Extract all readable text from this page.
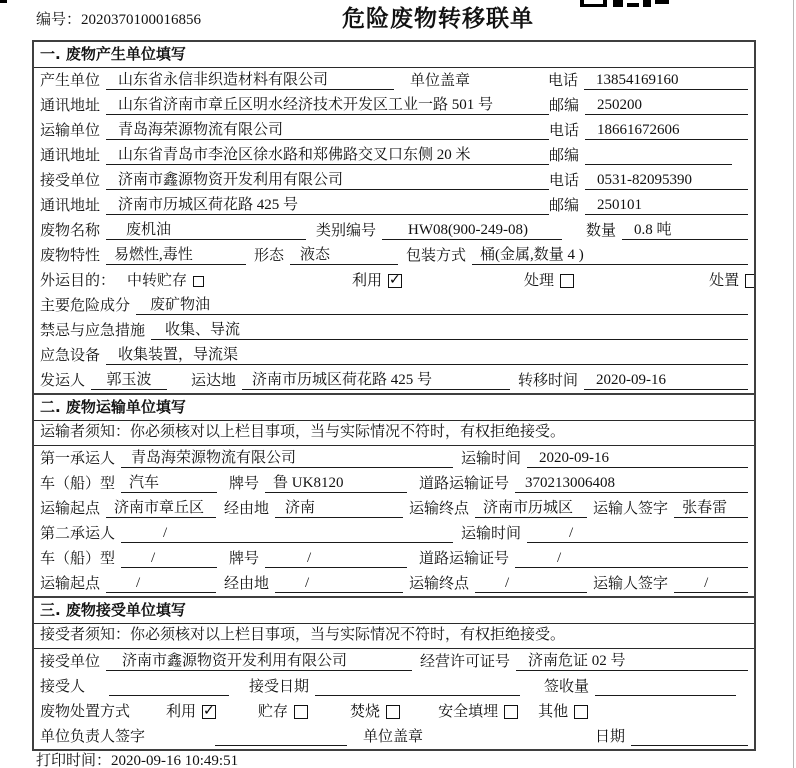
编号：2020370100016856	危险废物转移联单
一. 废物产生单位填写
产生单位	山东省永信非织造材料有限公司	单位盖章	电话	13854169160
通讯地址	山东省济南市章丘区明水经济技术开发区工业一路 501 号	邮编	250200
运输单位	青岛海荣源物流有限公司	电话	18661672606
通讯地址	山东省青岛市李沧区徐水路和郑佛路交叉口东侧 20 米	邮编
接受单位	济南市鑫源物资开发利用有限公司	电话	0531-82095390
通讯地址	济南市历城区荷花路 425 号	邮编	250101
废物名称	废机油	类别编号	HW08(900-249-08)	数量	0.8 吨
废物特性 易燃性,毒性	形态	液态	包装方式 桶(金属,数量 4 )
外运目的： 中转贮存	利用 ✓	处理	处置
主要危险成分	废矿物油
禁忌与应急措施	收集、导流
应急设备	收集装置，导流渠
发运人	郭玉波	运达地	济南市历城区荷花路 425 号	转移时间	2020-09-16
二. 废物运输单位填写
运输者须知：你必须核对以上栏目事项，当与实际情况不符时，有权拒绝接受。
第一承运人	青岛海荣源物流有限公司	运输时间	2020-09-16
车（船）型 汽车	牌号 鲁 UK8120	道路运输证号	370213006408
运输起点 济南市章丘区	经由地	济南	运输终点 济南市历城区	运输人签字 张春雷
第二承运人	/	运输时间	/
车（船）型	/	牌号	/	道路运输证号	/
运输起点	/	经由地	/	运输终点	/	运输人签字	/
三. 废物接受单位填写
接受者须知：你必须核对以上栏目事项，当与实际情况不符时，有权拒绝接受。
接受单位	济南市鑫源物资开发利用有限公司	经营许可证号	济南危证 02 号
接受人	接受日期	签收量
废物处置方式	利用 ✓	贮存	焚烧	安全填埋	其他
单位负责人签字	单位盖章	日期
打印时间：2020-09-16 10:49:51
